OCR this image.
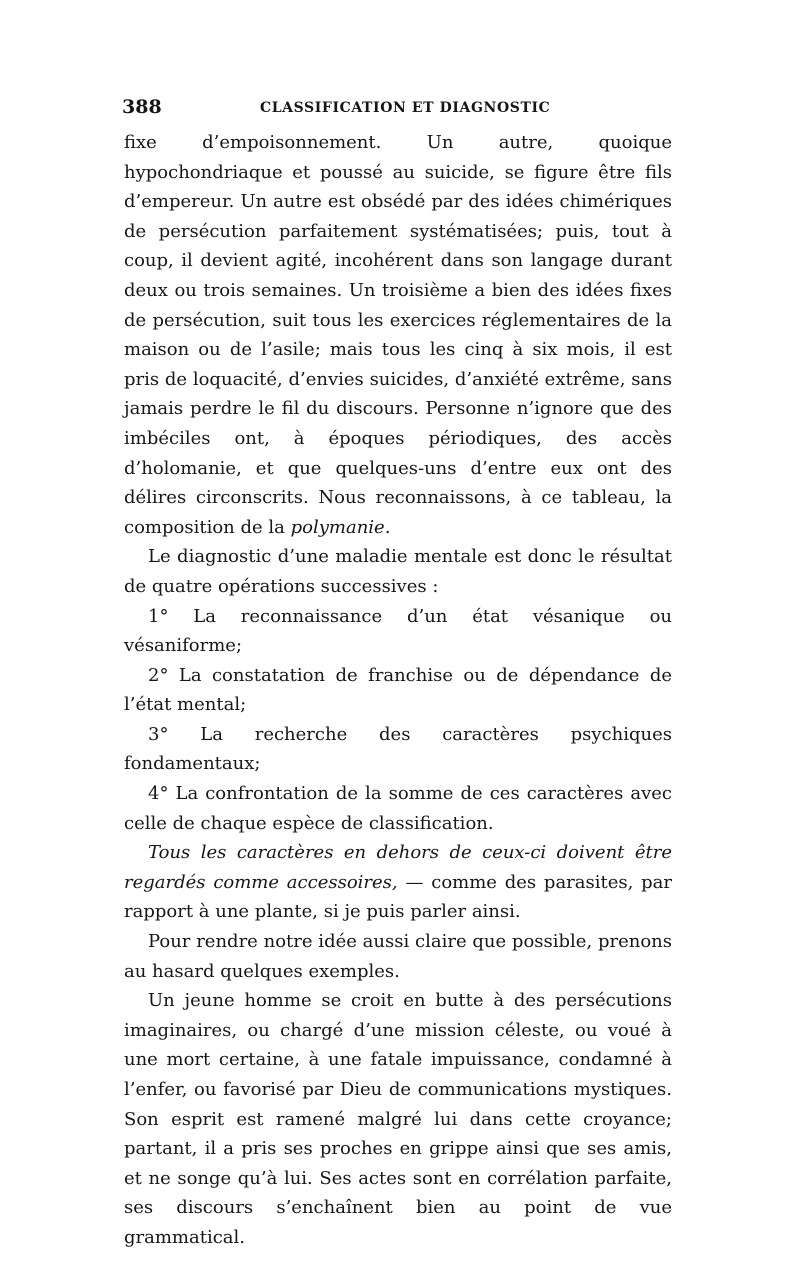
388	CLASSIFICATION ET DIAGNOSTIC

fixe d’empoisonnement. Un autre, quoique hypochondriaque et poussé au suicide, se figure être fils d’empereur. Un autre est obsédé par des idées chimériques de persécution parfaitement systématisées; puis, tout à coup, il devient agité, incohérent dans son langage durant deux ou trois semaines. Un troisième a bien des idées fixes de persécution, suit tous les exercices réglementaires de la maison ou de l’asile; mais tous les cinq à six mois, il est pris de loquacité, d’envies suicides, d’anxiété extrême, sans jamais perdre le fil du discours. Personne n’ignore que des imbéciles ont, à époques périodiques, des accès d’holomanie, et que quelques-uns d’entre eux ont des délires circonscrits. Nous reconnaissons, à ce tableau, la composition de la polymanie.

Le diagnostic d’une maladie mentale est donc le résultat de quatre opérations successives :

1° La reconnaissance d’un état vésanique ou vésaniforme;

2° La constatation de franchise ou de dépendance de l’état mental;

3° La recherche des caractères psychiques fondamentaux;

4° La confrontation de la somme de ces caractères avec celle de chaque espèce de classification.

Tous les caractères en dehors de ceux-ci doivent être regardés comme accessoires, — comme des parasites, par rapport à une plante, si je puis parler ainsi.

Pour rendre notre idée aussi claire que possible, prenons au hasard quelques exemples.

Un jeune homme se croit en butte à des persécutions imaginaires, ou chargé d’une mission céleste, ou voué à une mort certaine, à une fatale impuissance, condamné à l’enfer, ou favorisé par Dieu de communications mystiques. Son esprit est ramené malgré lui dans cette croyance; partant, il a pris ses proches en grippe ainsi que ses amis, et ne songe qu’à lui. Ses actes sont en corrélation parfaite, ses discours s’enchaînent bien au point de vue grammatical.
